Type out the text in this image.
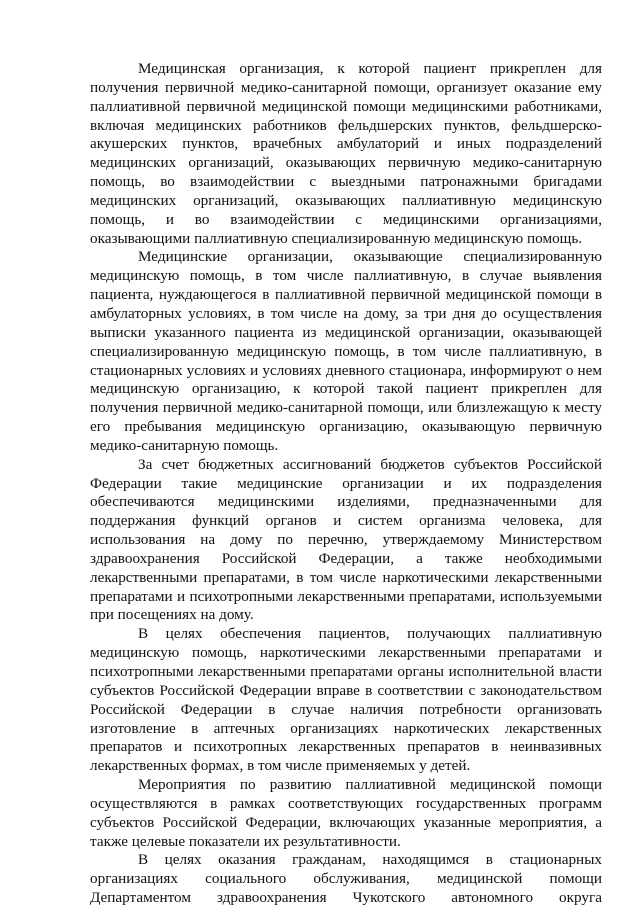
Медицинская организация, к которой пациент прикреплен для получения первичной медико-санитарной помощи, организует оказание ему паллиативной первичной медицинской помощи медицинскими работниками, включая медицинских работников фельдшерских пунктов, фельдшерско-акушерских пунктов, врачебных амбулаторий и иных подразделений медицинских организаций, оказывающих первичную медико-санитарную помощь, во взаимодействии с выездными патронажными бригадами медицинских организаций, оказывающих паллиативную медицинскую помощь, и во взаимодействии с медицинскими организациями, оказывающими паллиативную специализированную медицинскую помощь.

Медицинские организации, оказывающие специализированную медицинскую помощь, в том числе паллиативную, в случае выявления пациента, нуждающегося в паллиативной первичной медицинской помощи в амбулаторных условиях, в том числе на дому, за три дня до осуществления выписки указанного пациента из медицинской организации, оказывающей специализированную медицинскую помощь, в том числе паллиативную, в стационарных условиях и условиях дневного стационара, информируют о нем медицинскую организацию, к которой такой пациент прикреплен для получения первичной медико-санитарной помощи, или близлежащую к месту его пребывания медицинскую организацию, оказывающую первичную медико-санитарную помощь.

За счет бюджетных ассигнований бюджетов субъектов Российской Федерации такие медицинские организации и их подразделения обеспечиваются медицинскими изделиями, предназначенными для поддержания функций органов и систем организма человека, для использования на дому по перечню, утверждаемому Министерством здравоохранения Российской Федерации, а также необходимыми лекарственными препаратами, в том числе наркотическими лекарственными препаратами и психотропными лекарственными препаратами, используемыми при посещениях на дому.

В целях обеспечения пациентов, получающих паллиативную медицинскую помощь, наркотическими лекарственными препаратами и психотропными лекарственными препаратами органы исполнительной власти субъектов Российской Федерации вправе в соответствии с законодательством Российской Федерации в случае наличия потребности организовать изготовление в аптечных организациях наркотических лекарственных препаратов и психотропных лекарственных препаратов в неинвазивных лекарственных формах, в том числе применяемых у детей.

Мероприятия по развитию паллиативной медицинской помощи осуществляются в рамках соответствующих государственных программ субъектов Российской Федерации, включающих указанные мероприятия, а также целевые показатели их результативности.

В целях оказания гражданам, находящимся в стационарных организациях социального обслуживания, медицинской помощи Департаментом здравоохранения Чукотского автономного округа
